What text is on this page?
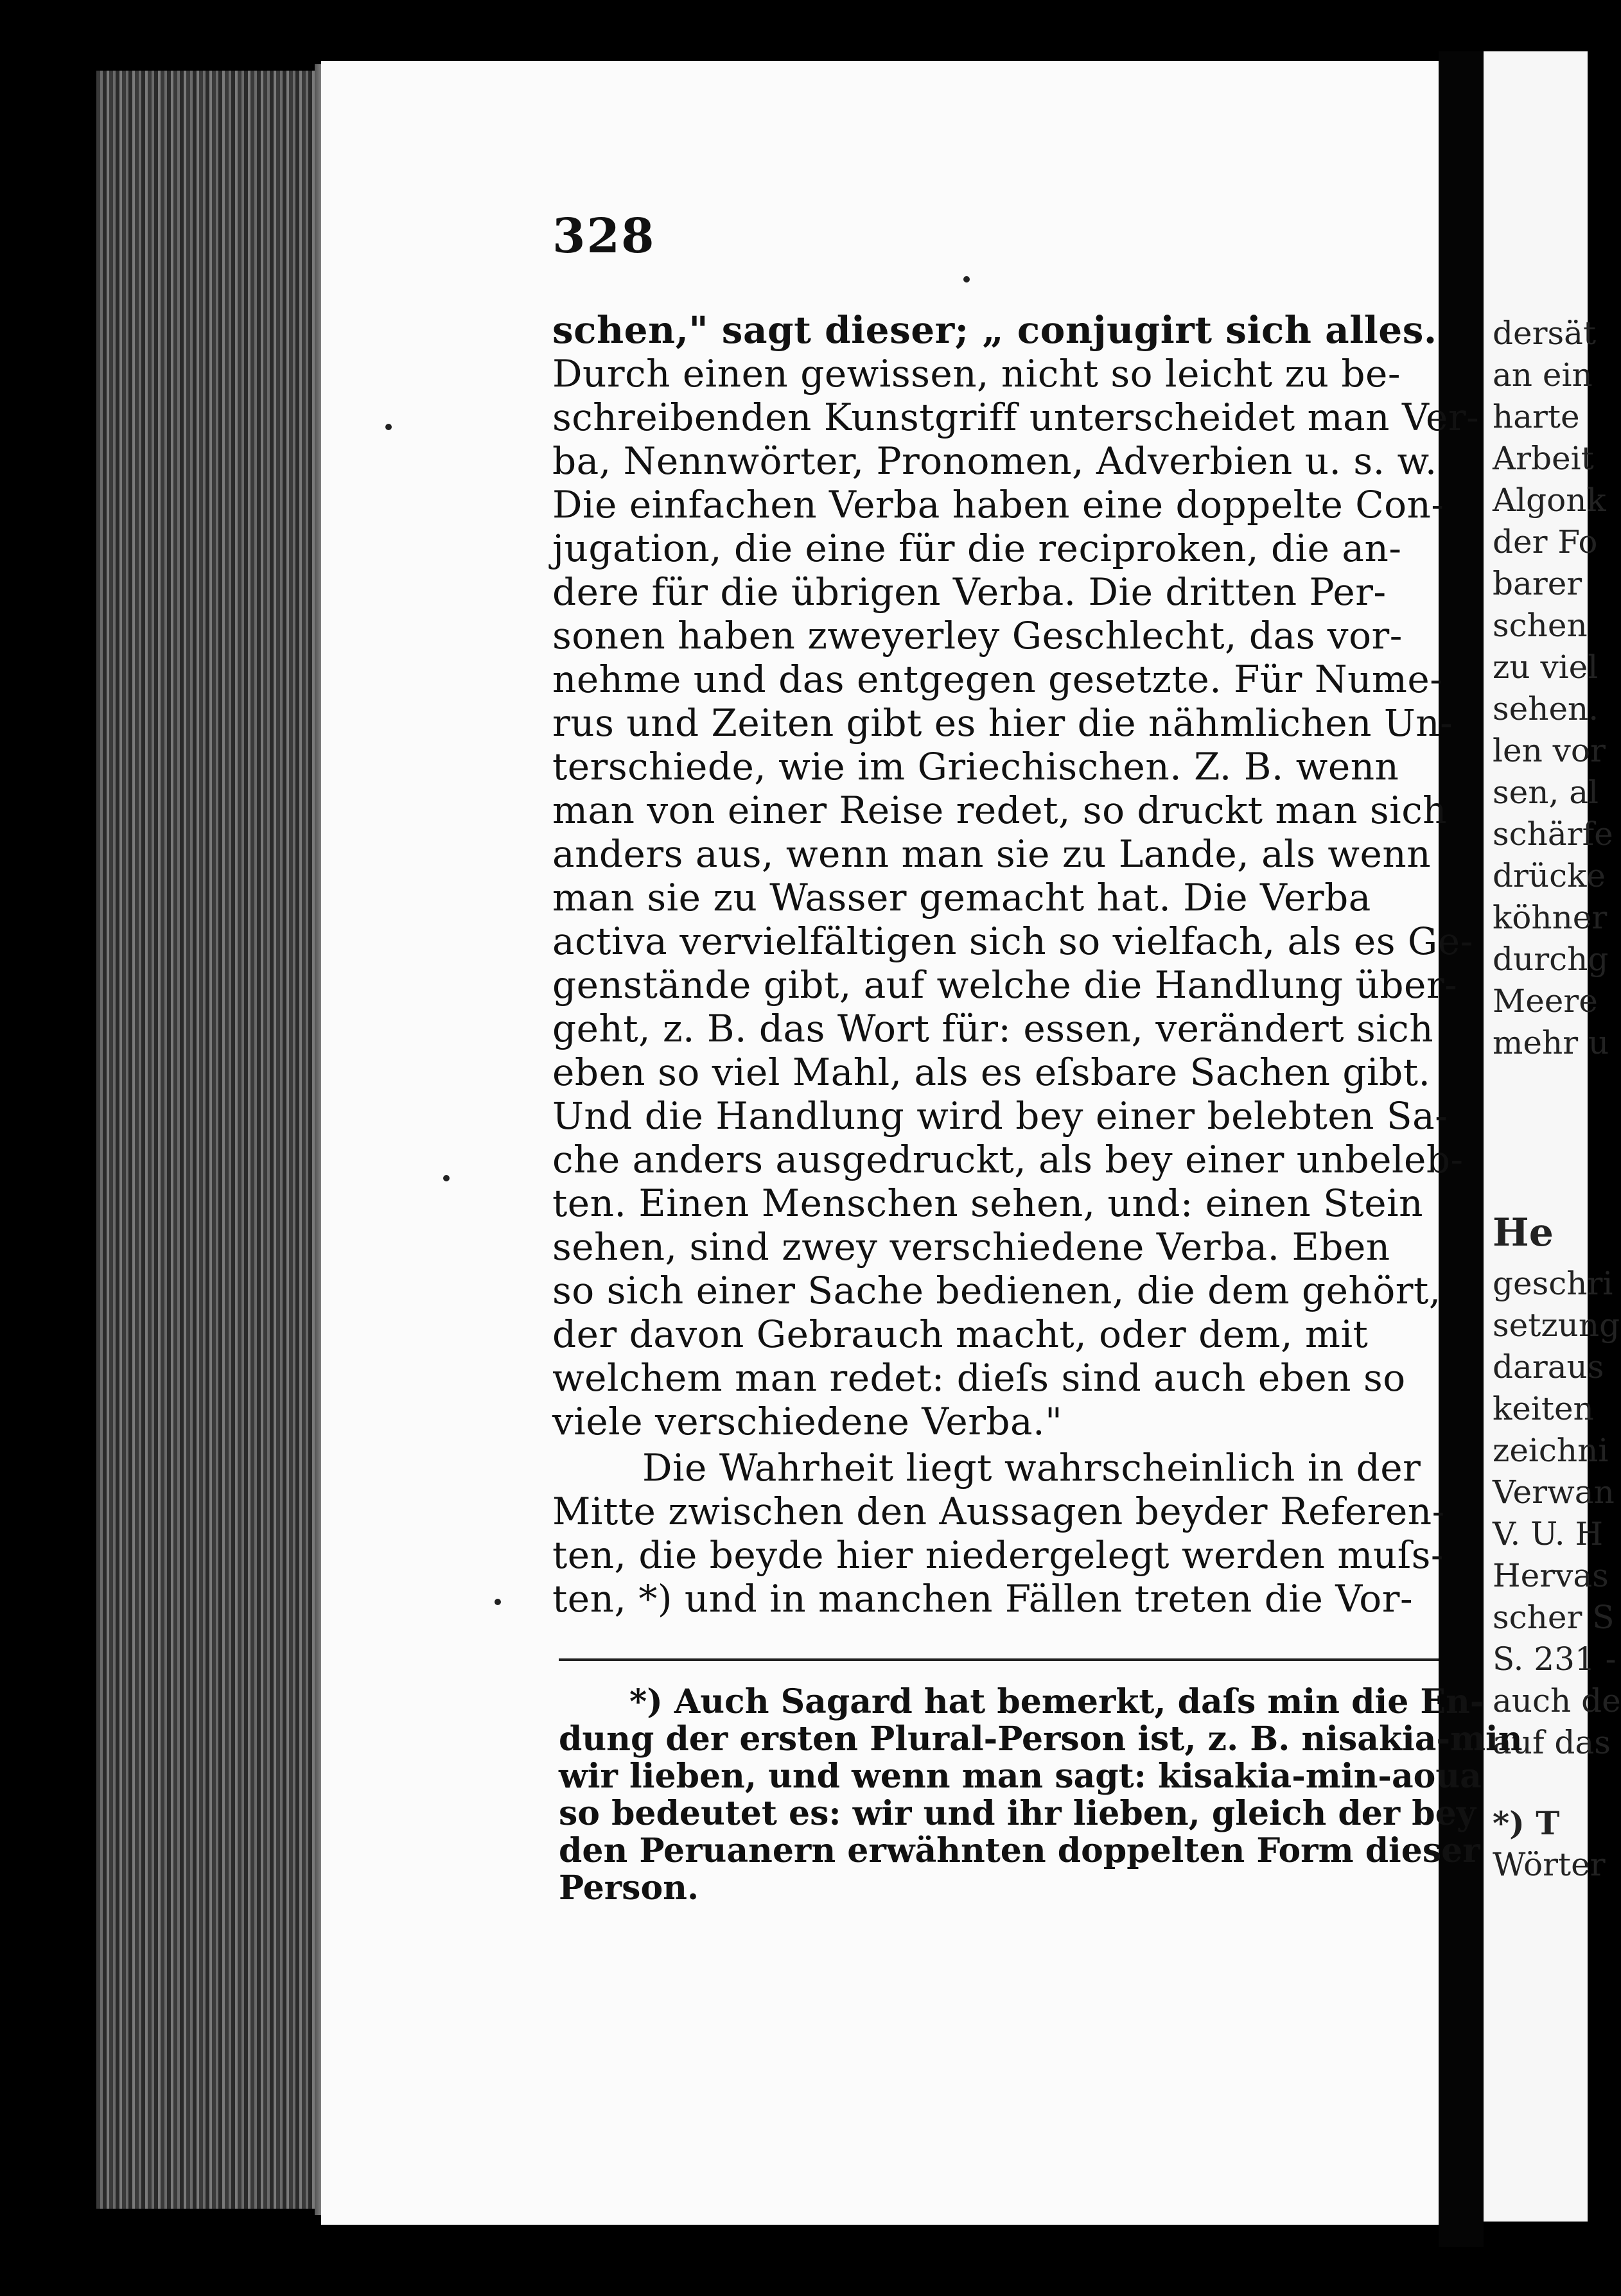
dersät
an ein
harte
Arbeit
Algonk
der Fo
barer
schen
zu viel
sehen.
len vor
sen, al
schärfe
drücke
köhner
durchg
Meere
mehr u
He
geschri
setzung
daraus
keiten
zeichni
Verwan
V. U. H
Hervas
scher S
S. 231 -
auch de
auf das
*) T
Wörter
328
schen," sagt dieser; „ conjugirt sich alles.
Durch einen gewissen, nicht so leicht zu be-
schreibenden Kunstgriff unterscheidet man Ver-
ba, Nennwörter, Pronomen, Adverbien u. s. w.
Die einfachen Verba haben eine doppelte Con-
jugation, die eine für die reciproken, die an-
dere für die übrigen Verba. Die dritten Per-
sonen haben zweyerley Geschlecht, das vor-
nehme und das entgegen gesetzte. Für Nume-
rus und Zeiten gibt es hier die nähmlichen Un-
terschiede, wie im Griechischen. Z. B. wenn
man von einer Reise redet, so druckt man sich
anders aus, wenn man sie zu Lande, als wenn
man sie zu Wasser gemacht hat. Die Verba
activa vervielfältigen sich so vielfach, als es Ge-
genstände gibt, auf welche die Handlung über-
geht, z. B. das Wort für: essen, verändert sich
eben so viel Mahl, als es eſsbare Sachen gibt.
Und die Handlung wird bey einer belebten Sa-
che anders ausgedruckt, als bey einer unbeleb-
ten. Einen Menschen sehen, und: einen Stein
sehen, sind zwey verschiedene Verba. Eben
so sich einer Sache bedienen, die dem gehört,
der davon Gebrauch macht, oder dem, mit
welchem man redet: dieſs sind auch eben so
viele verschiedene Verba."
Die Wahrheit liegt wahrscheinlich in der
Mitte zwischen den Aussagen beyder Referen-
ten, die beyde hier niedergelegt werden muſs-
ten, *) und in manchen Fällen treten die Vor-
*) Auch Sagard hat bemerkt, daſs min die En-
dung der ersten Plural-Person ist, z. B. nisakia-min
wir lieben, und wenn man sagt: kisakia-min-aoua
so bedeutet es: wir und ihr lieben, gleich der bey
den Peruanern erwähnten doppelten Form dieser
Person.
